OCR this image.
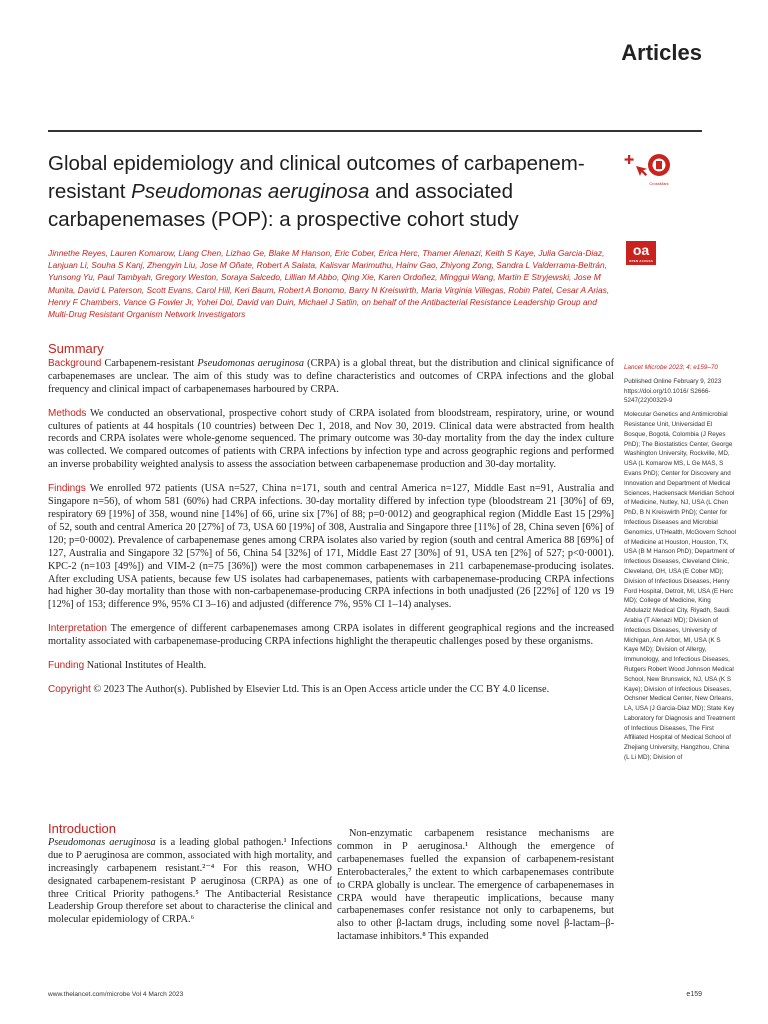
Articles
Global epidemiology and clinical outcomes of carbapenem-resistant Pseudomonas aeruginosa and associated carbapenemases (POP): a prospective cohort study
CrossMark
oa
OPEN ACCESS

Jinnethe Reyes, Lauren Komarow, Liang Chen, Lizhao Ge, Blake M Hanson, Eric Cober, Erica Herc, Thamer Alenazi, Keith S Kaye, Julia Garcia-Diaz, Lanjuan Li, Souha S Kanj, Zhengyin Liu, Jose M Oñate, Robert A Salata, Kalisvar Marimuthu, Hainv Gao, Zhiyong Zong, Sandra L Valderrama-Beltrán, Yunsong Yu, Paul Tambyah, Gregory Weston, Soraya Salcedo, Lillian M Abbo, Qing Xie, Karen Ordoñez, Minggui Wang, Martin E Stryjewski, Jose M Munita, David L Paterson, Scott Evans, Carol Hill, Keri Baum, Robert A Bonomo, Barry N Kreiswirth, Maria Virginia Villegas, Robin Patel, Cesar A Arias, Henry F Chambers, Vance G Fowler Jr, Yohei Doi, David van Duin, Michael J Satlin, on behalf of the Antibacterial Resistance Leadership Group and Multi-Drug Resistant Organism Network Investigators

Summary

Background Carbapenem-resistant Pseudomonas aeruginosa (CRPA) is a global threat, but the distribution and clinical significance of carbapenemases are unclear. The aim of this study was to define characteristics and outcomes of CRPA infections and the global frequency and clinical impact of carbapenemases harboured by CRPA.

Methods We conducted an observational, prospective cohort study of CRPA isolated from bloodstream, respiratory, urine, or wound cultures of patients at 44 hospitals (10 countries) between Dec 1, 2018, and Nov 30, 2019. Clinical data were abstracted from health records and CRPA isolates were whole-genome sequenced. The primary outcome was 30-day mortality from the day the index culture was collected. We compared outcomes of patients with CRPA infections by infection type and across geographic regions and performed an inverse probability weighted analysis to assess the association between carbapenemase production and 30-day mortality.

Findings We enrolled 972 patients (USA n=527, China n=171, south and central America n=127, Middle East n=91, Australia and Singapore n=56), of whom 581 (60%) had CRPA infections. 30-day mortality differed by infection type (bloodstream 21 [30%] of 69, respiratory 69 [19%] of 358, wound nine [14%] of 66, urine six [7%] of 88; p=0·0012) and geographical region (Middle East 15 [29%] of 52, south and central America 20 [27%] of 73, USA 60 [19%] of 308, Australia and Singapore three [11%] of 28, China seven [6%] of 120; p=0·0002). Prevalence of carbapenemase genes among CRPA isolates also varied by region (south and central America 88 [69%] of 127, Australia and Singapore 32 [57%] of 56, China 54 [32%] of 171, Middle East 27 [30%] of 91, USA ten [2%] of 527; p<0·0001). KPC-2 (n=103 [49%]) and VIM-2 (n=75 [36%]) were the most common carbapenemases in 211 carbapenemase-producing isolates. After excluding USA patients, because few US isolates had carbapenemases, patients with carbapenemase-producing CRPA infections had higher 30-day mortality than those with non-carbapenemase-producing CRPA infections in both unadjusted (26 [22%] of 120 vs 19 [12%] of 153; difference 9%, 95% CI 3–16) and adjusted (difference 7%, 95% CI 1–14) analyses.

Interpretation The emergence of different carbapenemases among CRPA isolates in different geographical regions and the increased mortality associated with carbapenemase-producing CRPA infections highlight the therapeutic challenges posed by these organisms.

Funding National Institutes of Health.

Copyright © 2023 The Author(s). Published by Elsevier Ltd. This is an Open Access article under the CC BY 4.0 license.

Introduction

Pseudomonas aeruginosa is a leading global pathogen.¹ Infections due to P aeruginosa are common, associated with high mortality, and increasingly carbapenem resistant.²⁻⁴ For this reason, WHO designated carbapenem-resistant P aeruginosa (CRPA) as one of three Critical Priority pathogens.⁵ The Antibacterial Resistance Leadership Group therefore set about to characterise the clinical and molecular epidemiology of CRPA.⁶

Non-enzymatic carbapenem resistance mechanisms are common in P aeruginosa.¹ Although the emergence of carbapenemases fuelled the expansion of carbapenem-resistant Enterobacterales,⁷ the extent to which carbapenemases contribute to CRPA globally is unclear. The emergence of carbapenemases in CRPA would have therapeutic implications, because many carbapenemases confer resistance not only to carbapenems, but also to other β-lactam drugs, including some novel β-lactam–β-lactamase inhibitors.⁸ This expanded

Lancet Microbe 2023; 4: e159–70
Published Online February 9, 2023 https://doi.org/10.1016/ S2666-5247(22)00329-9
Molecular Genetics and Antimicrobial Resistance Unit, Universidad El Bosque, Bogotá, Colombia (J Reyes PhD); The Biostatistics Center, George Washington University, Rockville, MD, USA (L Komarow MS, L Ge MAS, S Evans PhD); Center for Discovery and Innovation and Department of Medical Sciences, Hackensack Meridian School of Medicine, Nutley, NJ, USA (L Chen PhD, B N Kreiswirth PhD); Center for Infectious Diseases and Microbial Genomics, UTHealth, McGovern School of Medicine at Houston, Houston, TX, USA (B M Hanson PhD); Department of Infectious Diseases, Cleveland Clinic, Cleveland, OH, USA (E Cober MD); Division of Infectious Diseases, Henry Ford Hospital, Detroit, MI, USA (E Herc MD); College of Medicine, King Abdulaziz Medical City, Riyadh, Saudi Arabia (T Alenazi MD); Division of Infectious Diseases, University of Michigan, Ann Arbor, MI, USA (K S Kaye MD); Division of Allergy, Immunology, and Infectious Diseases, Rutgers Robert Wood Johnson Medical School, New Brunswick, NJ, USA (K S Kaye); Division of Infectious Diseases, Ochsner Medical Center, New Orleans, LA, USA (J Garcia-Diaz MD); State Key Laboratory for Diagnosis and Treatment of Infectious Diseases, The First Affiliated Hospital of Medical School of Zhejiang University, Hangzhou, China (L Li MD); Division of
www.thelancet.com/microbe Vol 4 March 2023	e159
